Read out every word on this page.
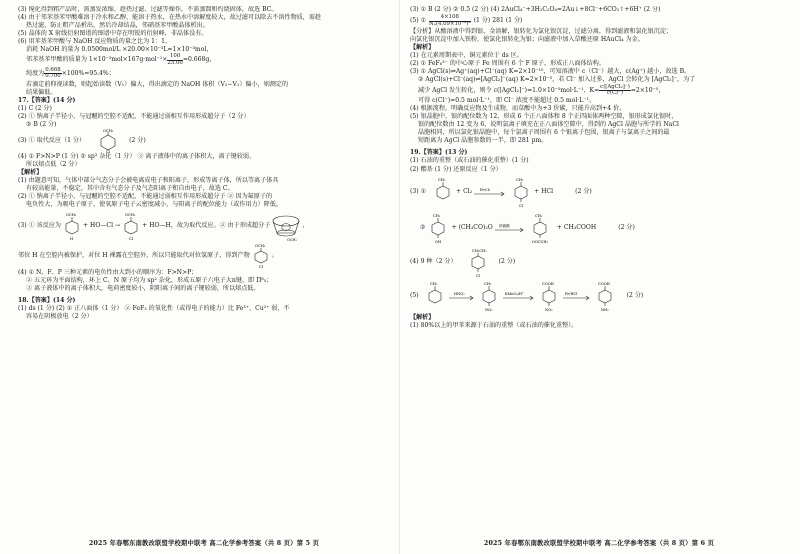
(3) 搅化得到粗产品时，需蒸发浓缩、趁热过滤、过滤等操作，不需蒸馏和灼烧固体，故选 BC。
(4) 由于邻苯基苯甲酸难溶于冷水和乙醇，能溶于热水，在热水中溶解度较大，故过滤可以除去不溶性物质，需趁
热过滤，防止粗产品析出，然后冷却结晶，邻硝基苯甲酸晶体析出。
(5) 晶体的 X 射线衍射图谱的图谱中存在明锐的衍射峰，非晶体没有。
(6) 用苯基苯甲酸与 NaOH 反应物质的量之比为 1：1，
消耗 NaOH 的量为 0.0500mol/L ×20.00×10⁻³L=1×10⁻³mol，
邻苯基苯甲酸的质量为 $1\times 10^{-3}mol\times 167g\cdot mol^{-1}\times \frac{100}{25.00} =0.668g$，
纯度为 $\frac{0.668}{0.700} \times 100\%\approx 95.4\%$；
若滴定前仰视读数，则起始读数（V₁）偏大，得出滴定的 NaOH 体积（V₂−V₁）偏小，则测定的
结果偏低。
17.【答案】(14 分)
(1) C (2 分)
(2) ① 钠离子半径小，与冠醚的空腔不适配，不能通过弱相互作用形成超分子（2 分）
② B (2 分)
(3) ① 取代反应（1 分）
OCH₃
Cl
(2 分)
(4) ① F>N>P (1 分) ② sp³ 杂化（1 分） ③ 离子液体中的离子体积大，离子键较弱，
所以熔点低（2 分）
【解析】
(1) 由题意可知，气体中部分气态分子会被电离成电子和阳离子，形成等离子体，所以等离子体具
有较高能量，不稳定，其中含有气态分子及气态阳离子和自由电子，故选 C。
(2) ① 钠离子半径小，与冠醚的空腔不适配，不能通过弱相互作用形成超分子 ② 因为氟原子的
电负性大，为吸电子原子，使氧原子电子云密度减小，与阳离子的配位能力（或作用力）降低。
(3) ① 该反应为
OCH₃
H
+ HO—Cl →
OCH₃
Cl
+ HO—H，故为取代反应。② 由于形成超分子
OCH₃
，
邻位 H 在空腔内被保护，对位 H 裸露在空腔外，所以只能取代对位氢原子，得到产物
OCH₃
Cl
。
(4) ① N、F、P 三种元素的电负性由大到小的顺序为：F>N>P；
② 五元环为平面结构，环上 C、N 原子均为 sp² 杂化，形成五原子六电子大π键，即 Π⁶₅；
③ 离子液体中的离子体积大，电荷密度较小，阴阳离子间的离子键较弱，所以熔点低。
18.【答案】(14 分)
(1) ds (1 分) (2) ① 正八面体（1 分） ② FeF₃ 的氧化性（或得电子的能力）比 Fe³⁺、Cu²⁺ 弱，不
容易在阴极放电（2 分）
2025 年春鄂东南教改联盟学校期中联考 高二化学参考答案（共 8 页）第 5 页
(3) ① B (2 分) ② 0.5 (2 分) (4) 2AuCl₄⁻+3H₂C₂O₄=2Au↓+8Cl⁻+6CO₂↑+6H⁺ (2 分)
(5) ① $\frac{4\times 108}{\text{Nₐ(4.09×10⁻⁸)³}} (1$ 分) 281 (1 分)
【分析】从酸溶液中得到银、金溶解，银转化为氯化银沉淀，过滤分离，得到滤液和氯化银沉淀；
向氯化银沉淀中加入铁粉，使氯化银转化为银；向滤液中加入草酸还原 HAuCl₄ 为金。
【解析】
(1) 在元素周期表中，铜元素位于 ds 区。
(2) ① FeF₆³⁻ 的中心原子 Fe 周围有 6 个 F 原子，形成正八面体结构。
(3) ① AgCl(s)⇌Ag⁺(aq)+Cl⁻(aq) K=2×10⁻¹⁰，可知溶液中 c（Cl⁻）越大，c(Ag⁺) 越小，故选 B。
② AgCl(s)+Cl⁻(aq)⇌[AgCl₂]⁻(aq) K=2×10⁻⁵，若 Cl⁻ 加入过多，AgCl 会转化为 [AgCl₂]⁻，为了
减少 AgCl 发生转化，则令 c([AgCl₂]⁻)=1.0×10⁻⁵mol·L⁻¹，$K= \frac{\text{c([AgCl₂]⁻)}}{c(Cl^-)} =2\times 10^{-5}$，
可得 c(Cl⁻)=0.5 mol·L⁻¹，即 Cl⁻ 浓度不能超过 0.5 mol·L⁻¹。
(4) 根据流程，明确反应物及生成物，而草酸中为+3 价碳，只能升高到+4 价。
(5) 银晶胞中，银的配位数为 12，形成 6 个正八面体和 8 个正四面体两种空隙，银形成氯化银时，
银的配位数由 12 变为 6，说明氯离子填充在正八面体空隙中，得到的 AgCl 晶胞与所学的 NaCl
晶胞相同，所以氯化银晶胞中，每个氯离子周围有 6 个银离子包围，银离子与氯离子之间的最
短距离为 AgCl 晶胞参数的一半，即 281 pm。
19.【答案】(13 分)
(1) 石油的重整（或石油的催化重整）(1 分)
(2) 酯基 (1 分) 还原反应（1 分）
(3) ①
CH₃
+ Cl₂ FeCl₃
CH₃
Cl
+ HCl	(2 分)
②
CH₃
OH
+ (CH₃CO)₂O 浓硫酸
CH₃
OOCCH₃
+ CH₃COOH	(2 分)
(4) 9 种（2 分）
CH₂CH₃
Cl
(2 分)
(5)
CH₃
HNO₃
CH₃
NO₂
KMnO₄/H⁺
COOH
NO₂
Fe/HCl
COOH
NH₂
(2 分)
【解析】
(1) 80%以上的甲苯来源于石油的重整（或石油的催化重整）。
2025 年春鄂东南教改联盟学校期中联考 高二化学参考答案（共 8 页）第 6 页
